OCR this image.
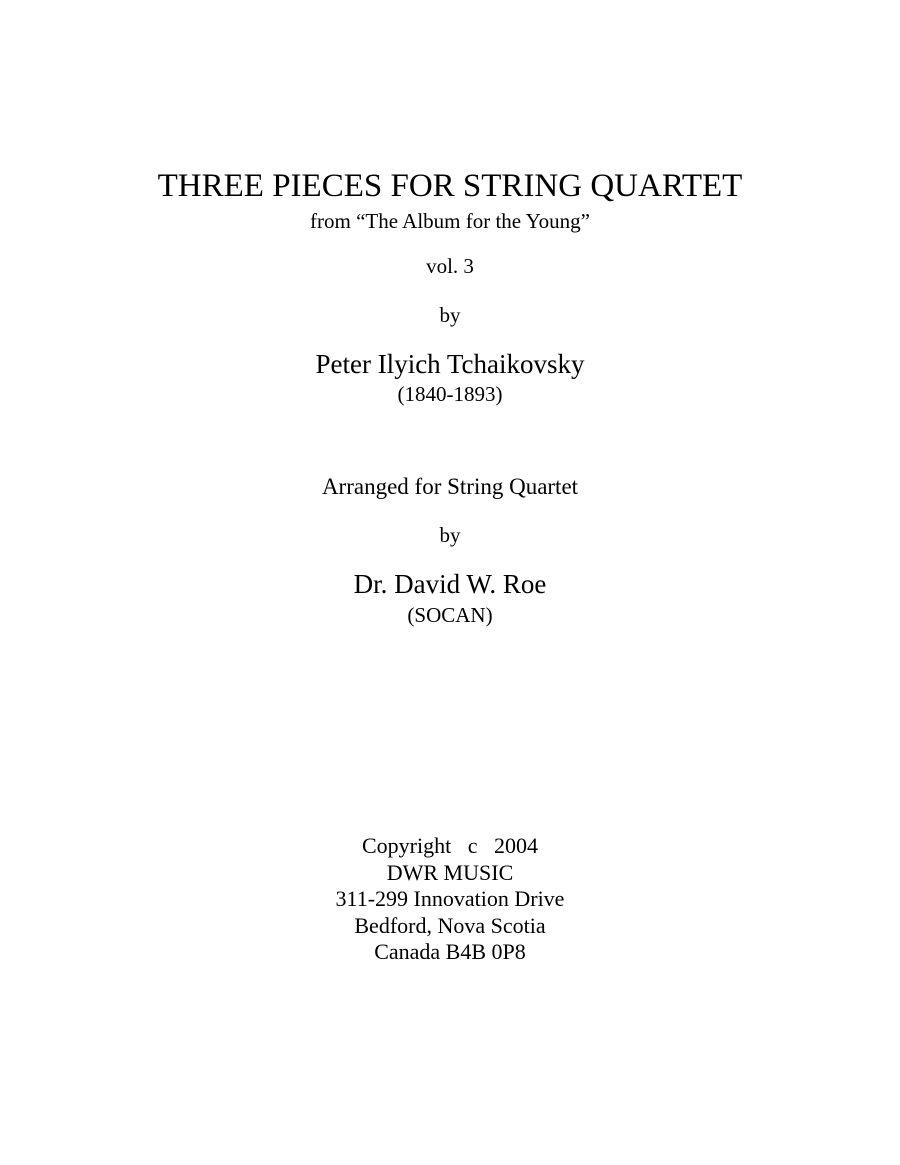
THREE PIECES FOR STRING QUARTET
from “The Album for the Young”
vol. 3
by
Peter Ilyich Tchaikovsky
(1840-1893)
Arranged for String Quartet
by
Dr. David W. Roe
(SOCAN)
Copyright   c   2004
DWR MUSIC
311-299 Innovation Drive
Bedford, Nova Scotia
Canada B4B 0P8
